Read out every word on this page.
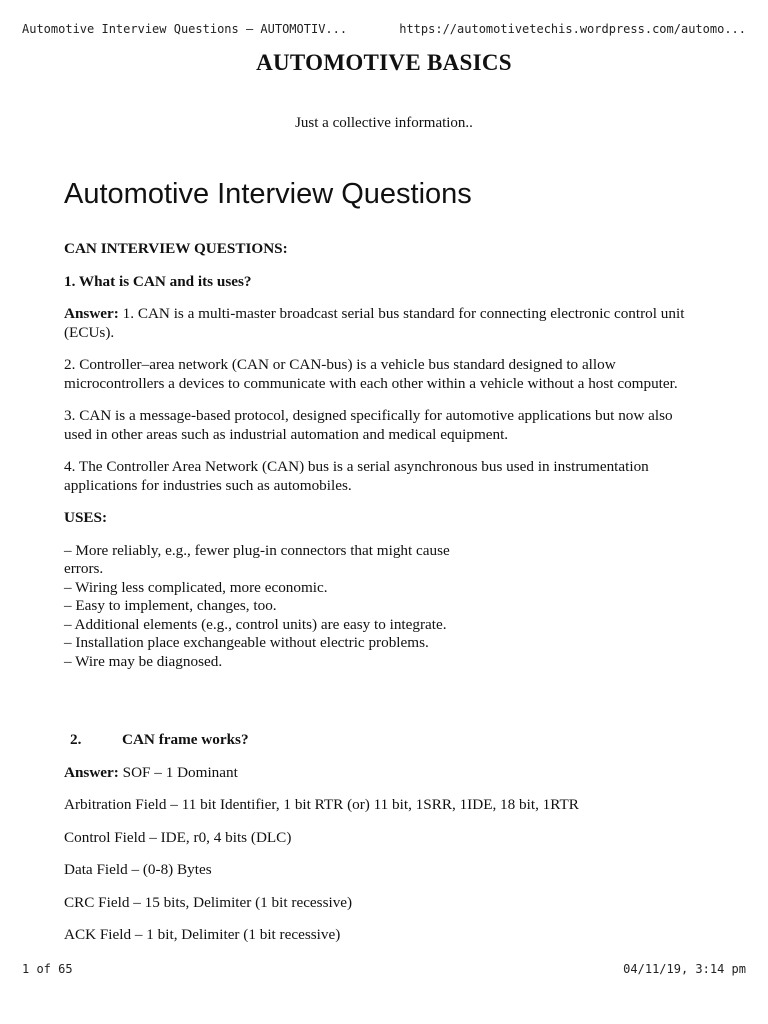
Automotive Interview Questions – AUTOMOTIV...	https://automotivetechis.wordpress.com/automo...
AUTOMOTIVE BASICS
Just a collective information..
Automotive Interview Questions

CAN INTERVIEW QUESTIONS:

1. What is CAN and its uses?

Answer: 1. CAN is a multi-master broadcast serial bus standard for connecting electronic control unit (ECUs).

2. Controller–area network (CAN or CAN-bus) is a vehicle bus standard designed to allow microcontrollers a devices to communicate with each other within a vehicle without a host computer.

3. CAN is a message-based protocol, designed specifically for automotive applications but now also used in other areas such as industrial automation and medical equipment.

4. The Controller Area Network (CAN) bus is a serial asynchronous bus used in instrumentation applications for industries such as automobiles.

USES:

– More reliably, e.g., fewer plug-in connectors that might cause
errors.
– Wiring less complicated, more economic.
– Easy to implement, changes, too.
– Additional elements (e.g., control units) are easy to integrate.
– Installation place exchangeable without electric problems.
– Wire may be diagnosed.

2.	CAN frame works?

Answer: SOF – 1 Dominant

Arbitration Field – 11 bit Identifier, 1 bit RTR (or) 11 bit, 1SRR, 1IDE, 18 bit, 1RTR

Control Field – IDE, r0, 4 bits (DLC)

Data Field – (0-8) Bytes

CRC Field – 15 bits, Delimiter (1 bit recessive)

ACK Field – 1 bit, Delimiter (1 bit recessive)

1 of 65	04/11/19, 3:14 pm
